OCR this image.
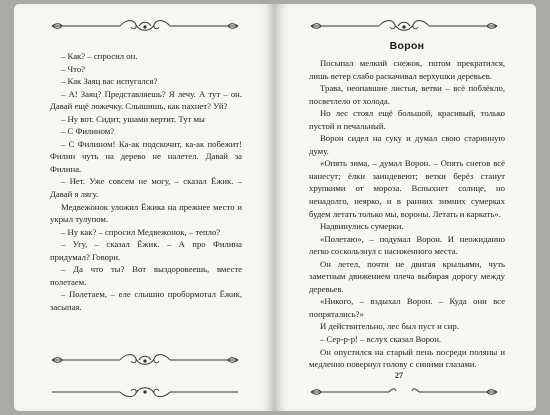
– Как? – спросил он.

– Что?

– Как Заяц вас испугался?

– А! Заяц? Представляешь? Я лечу. А тут – он. Давай ещё ложечку. Слышишь, как пахнет? Уй?

– Ну вот. Сидит, ушами вертит. Тут мы

– С Филином?

– С Филином! Ка-ак подскочит, ка-ак побежит! Филин чуть на дерево не налетел. Давай за Филина.

– Нет. Уже совсем не могу, – сказал Ёжик. – Давай я лягу.

Медвежонок уложил Ёжика на прежнее место и укрыл тулупом.

– Ну как? – спросил Медвежонок, – тепло?

– Угу, – сказал Ёжик. – А про Филина придумал? Говори.

– Да что ты? Вот выздоровеешь, вместе полетаем.

– Полетаем, – еле слышно пробормотал Ёжик, засыпая.

Ворон

Посыпал мелкий снежок, потом прекратился, лишь ветер слабо раскачивал верхушки деревьев.

Трава, неопавшие листья, ветви – всё поблёкло, посветлело от холода.

Но лес стоял ещё большой, красивый, только пустой и печальный.

Ворон сидел на суку и думал свою старинную думу.

«Опять зима, – думал Ворон. – Опять снегов всё нанесут; ёлки заиндевеют; ветки берёз станут хрупкими от мороза. Вспыхнет солнце, но ненадолго, неярко, и в ранних зимних сумерках будем летать только мы, вороны. Летать и каркать».

Надвинулись сумерки.

«Полетаю», – подумал Ворон. И неожиданно легко соскользнул с насиженного места.

Он летел, почти не двигая крыльями, чуть заметным движением плеча выбирая дорогу между деревьев.

«Никого, – вздыхал Ворон. – Куда они все попрятались?»

И действительно, лес был пуст и сир.

– Сер-р-р! – вслух сказал Ворон.

Он опустился на старый пень посреди поляны и медленно повернул голову с синими глазами.

27
